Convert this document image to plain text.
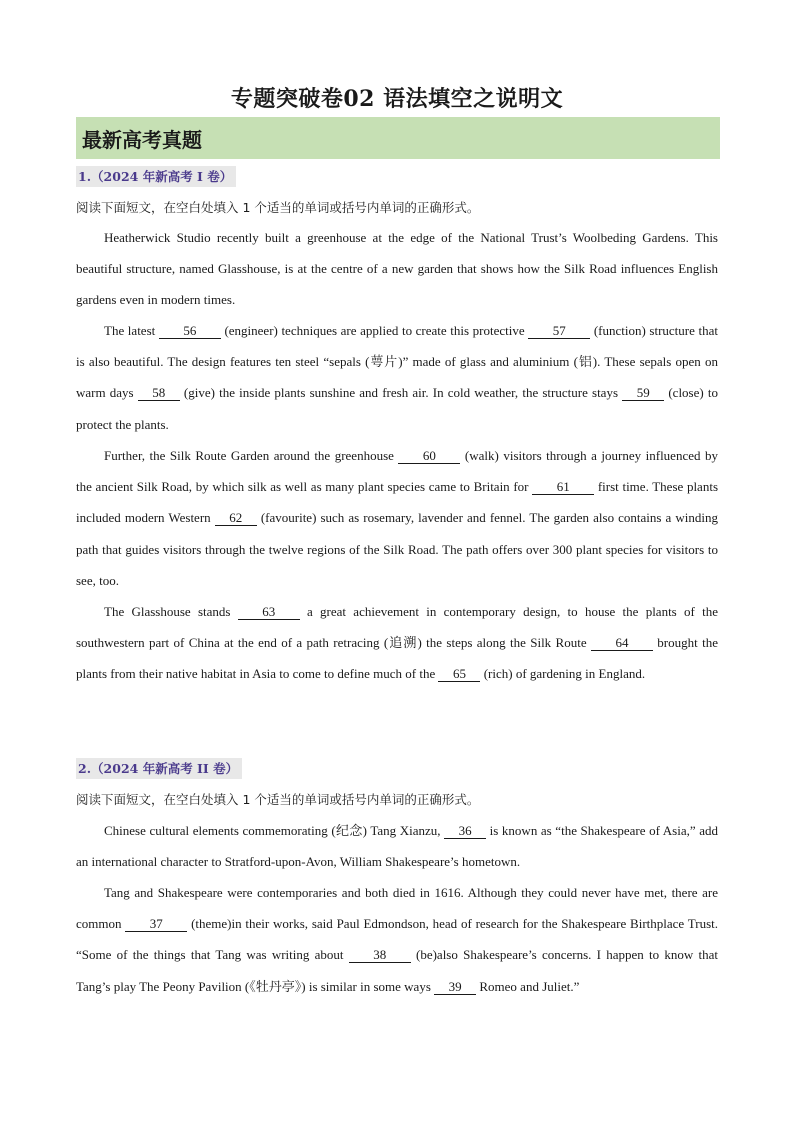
专题突破卷02 语法填空之说明文
最新高考真题
1.（2024 年新高考 I 卷）
阅读下面短文，在空白处填入 1 个适当的单词或括号内单词的正确形式。

Heatherwick Studio recently built a greenhouse at the edge of the National Trust’s Woolbeding Gardens. This beautiful structure, named Glasshouse, is at the centre of a new garden that shows how the Silk Road influences English gardens even in modern times.

The latest 56 (engineer) techniques are applied to create this protective 57 (function) structure that is also beautiful. The design features ten steel “sepals (萼片)” made of glass and aluminium (铝). These sepals open on warm days 58 (give) the inside plants sunshine and fresh air. In cold weather, the structure stays 59 (close) to protect the plants.

Further, the Silk Route Garden around the greenhouse 60 (walk) visitors through a journey influenced by the ancient Silk Road, by which silk as well as many plant species came to Britain for 61 first time. These plants included modern Western 62 (favourite) such as rosemary, lavender and fennel. The garden also contains a winding path that guides visitors through the twelve regions of the Silk Road. The path offers over 300 plant species for visitors to see, too.

The Glasshouse stands 63 a great achievement in contemporary design, to house the plants of the southwestern part of China at the end of a path retracing (追溯) the steps along the Silk Route 64 brought the plants from their native habitat in Asia to come to define much of the 65 (rich) of gardening in England.

2.（2024 年新高考 II 卷）
阅读下面短文，在空白处填入 1 个适当的单词或括号内单词的正确形式。

Chinese cultural elements commemorating (纪念) Tang Xianzu, 36 is known as “the Shakespeare of Asia,” add an international character to Stratford-upon-Avon, William Shakespeare’s hometown.

Tang and Shakespeare were contemporaries and both died in 1616. Although they could never have met, there are common 37 (theme)in their works, said Paul Edmondson, head of research for the Shakespeare Birthplace Trust. “Some of the things that Tang was writing about 38 (be)also Shakespeare’s concerns. I happen to know that Tang’s play The Peony Pavilion (《牡丹亭》) is similar in some ways 39 Romeo and Juliet.”
